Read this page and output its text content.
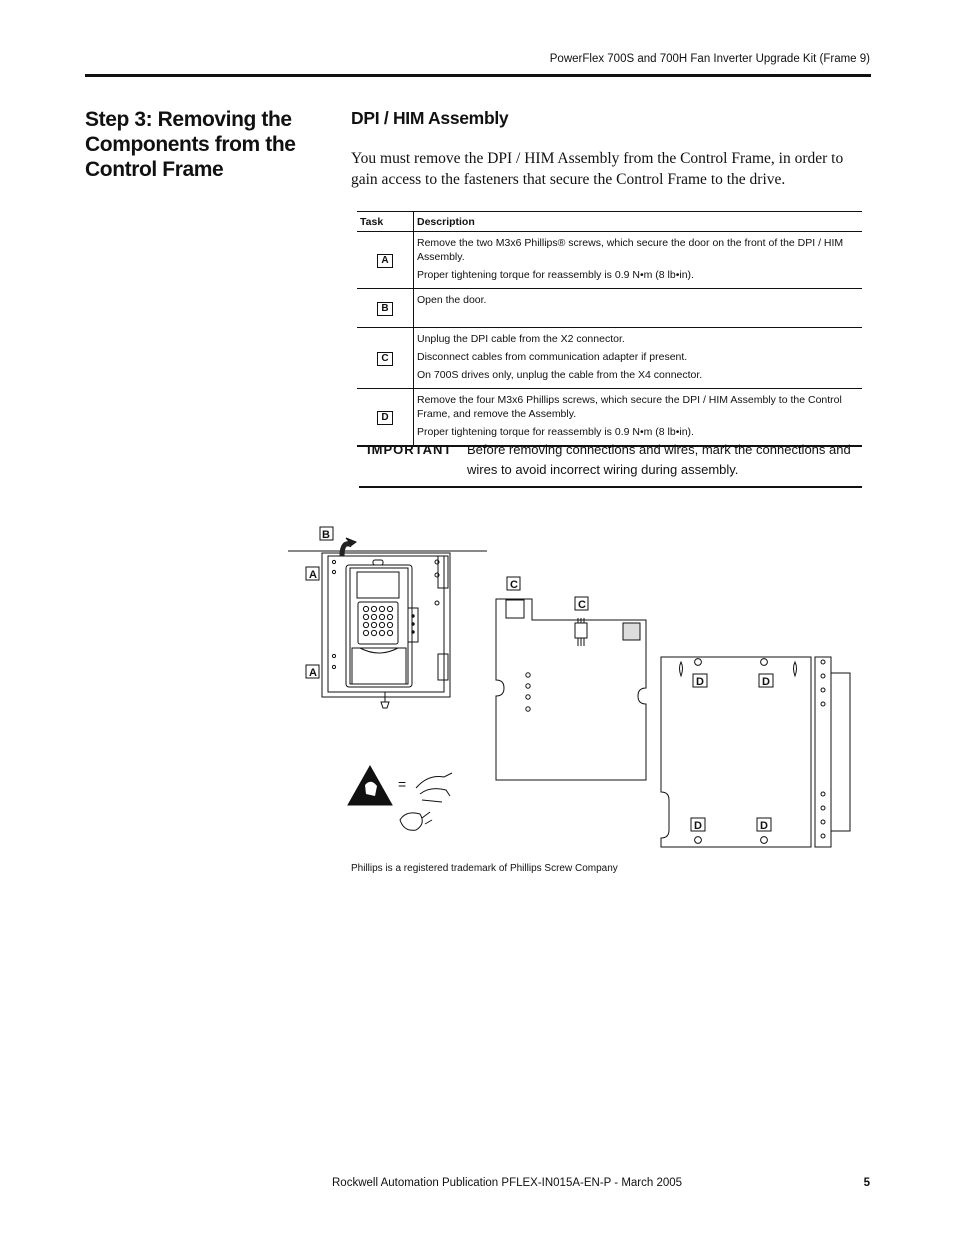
PowerFlex 700S and 700H Fan Inverter Upgrade Kit (Frame 9)
Step 3: Removing the Components from the Control Frame
DPI / HIM Assembly
You must remove the DPI / HIM Assembly from the Control Frame, in order to gain access to the fasteners that secure the Control Frame to the drive.
Task	Description
A	Remove the two M3x6 Phillips® screws, which secure the door on the front of the DPI / HIM Assembly.
Proper tightening torque for reassembly is 0.9 N•m (8 lb•in).

B	Open the door.

C	Unplug the DPI cable from the X2 connector.
Disconnect cables from communication adapter if present.
On 700S drives only, unplug the cable from the X4 connector.

D	Remove the four M3x6 Phillips screws, which secure the DPI / HIM Assembly to the Control Frame, and remove the Assembly.
Proper tightening torque for reassembly is 0.9 N•m (8 lb•in).
IMPORTANT Before removing connections and wires, mark the connections and wires to avoid incorrect wiring during assembly.
A
A
B
C
C
D	D
D	D
=
Phillips is a registered trademark of Phillips Screw Company
Rockwell Automation Publication PFLEX-IN015A-EN-P - March 2005	5
